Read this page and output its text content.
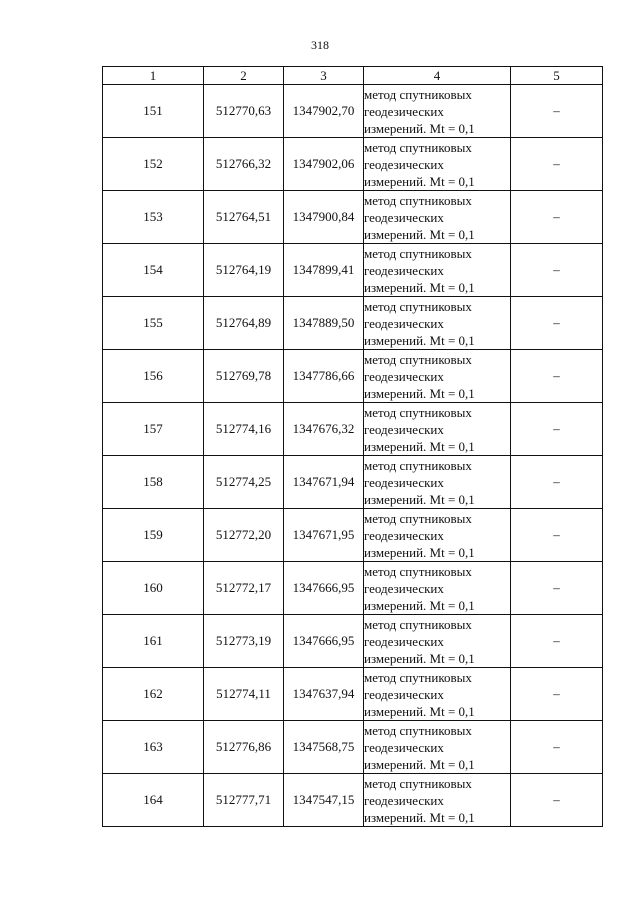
318
1	2	3	4	5
151	512770,63	1347902,70	метод спутниковых
геодезических
измерений. Mt = 0,1	–
152	512766,32	1347902,06	метод спутниковых
геодезических
измерений. Mt = 0,1	–
153	512764,51	1347900,84	метод спутниковых
геодезических
измерений. Mt = 0,1	–
154	512764,19	1347899,41	метод спутниковых
геодезических
измерений. Mt = 0,1	–
155	512764,89	1347889,50	метод спутниковых
геодезических
измерений. Mt = 0,1	–
156	512769,78	1347786,66	метод спутниковых
геодезических
измерений. Mt = 0,1	–
157	512774,16	1347676,32	метод спутниковых
геодезических
измерений. Mt = 0,1	–
158	512774,25	1347671,94	метод спутниковых
геодезических
измерений. Mt = 0,1	–
159	512772,20	1347671,95	метод спутниковых
геодезических
измерений. Mt = 0,1	–
160	512772,17	1347666,95	метод спутниковых
геодезических
измерений. Mt = 0,1	–
161	512773,19	1347666,95	метод спутниковых
геодезических
измерений. Mt = 0,1	–
162	512774,11	1347637,94	метод спутниковых
геодезических
измерений. Mt = 0,1	–
163	512776,86	1347568,75	метод спутниковых
геодезических
измерений. Mt = 0,1	–
164	512777,71	1347547,15	метод спутниковых
геодезических
измерений. Mt = 0,1	–
